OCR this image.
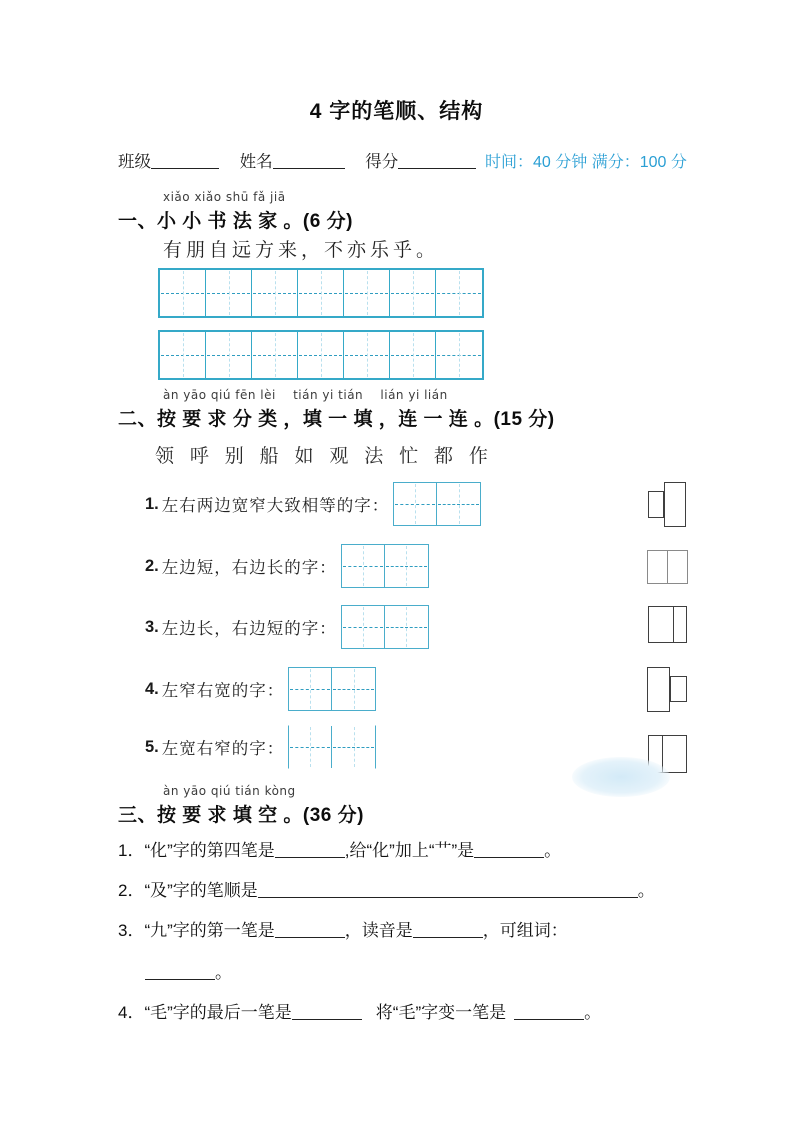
4 字的笔顺、结构
班级	姓名	得分	时间：40 分钟 满分：100 分
xiǎo xiǎo shū fǎ jiā
一、小 小 书 法 家 。(6 分)
有朋自远方来，不亦乐乎。
àn yāo qiú fēn lèi    tián yi tián    lián yi lián
二、按 要 求 分 类 ，填 一 填 ，连 一 连 。(15 分)
领 呼 别 船 如 观 法 忙 都 作
1. 左右两边宽窄大致相等的字：
2. 左边短，右边长的字：
3. 左边长，右边短的字：
4. 左窄右宽的字：
5. 左宽右窄的字：
àn yāo qiú tián kòng
三、按 要 求 填 空 。(36 分)
1．“化”字的第四笔是	,给“化”加上“艹”是	。
2．“及”字的笔顺是	。
3．“九”字的第一笔是	，读音是	，可组词：
。
4．“毛”字的最后一笔是	将“毛”字变一笔是	。
